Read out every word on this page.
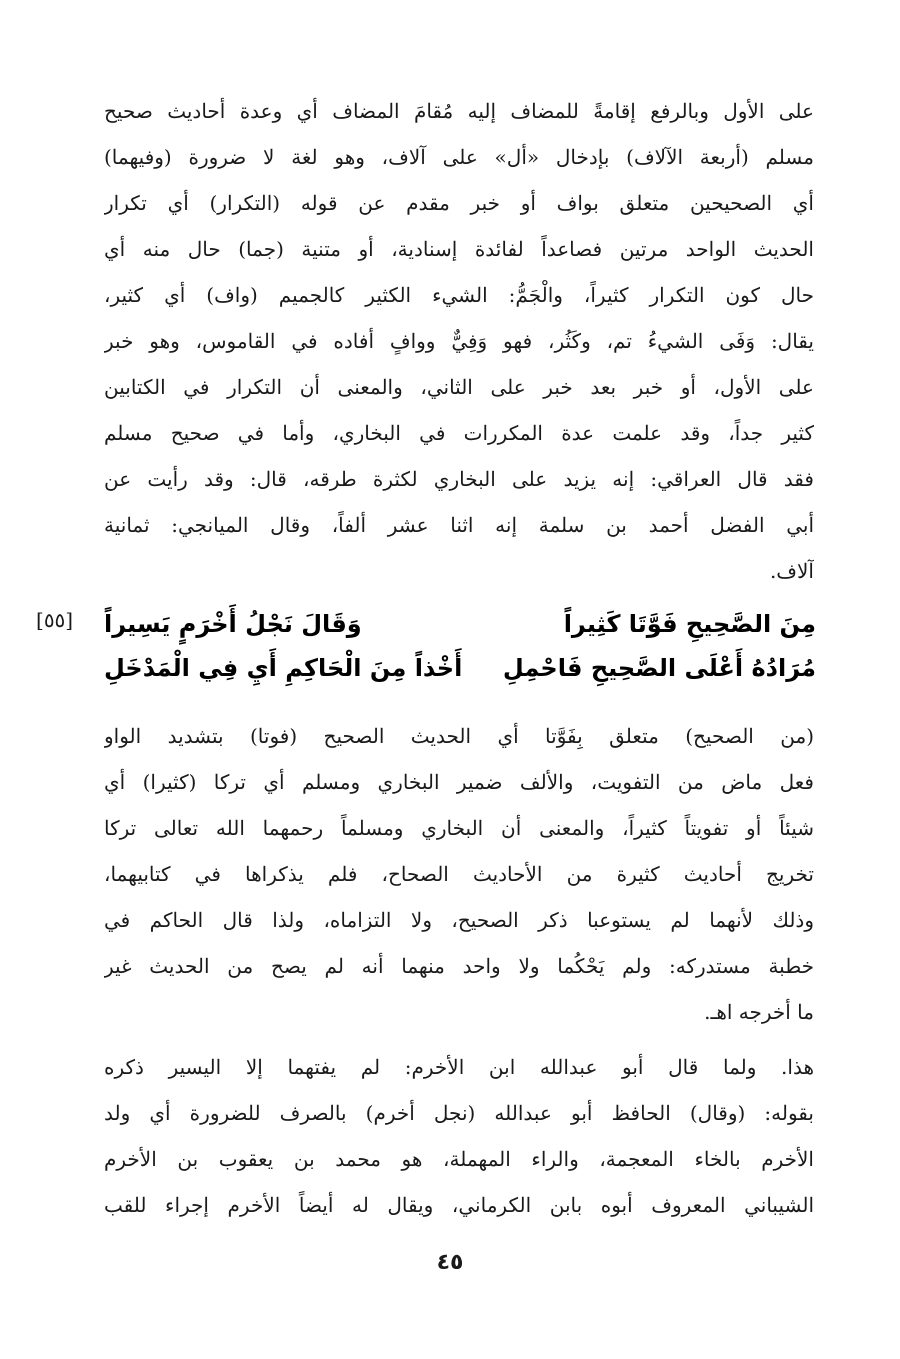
على الأول وبالرفع إقامةً للمضاف إليه مُقامَ المضاف أي وعدة أحاديث صحيح
مسلم (أربعة الآلاف) بإدخال «أل» على آلاف، وهو لغة لا ضرورة (وفيهما)
أي الصحيحين متعلق بواف أو خبر مقدم عن قوله (التكرار) أي تكرار
الحديث الواحد مرتين فصاعداً لفائدة إسنادية، أو متنية (جما) حال منه أي
حال كون التكرار كثيراً، والْجَمُّ: الشيء الكثير كالجميم (واف) أي كثير،
يقال: وَفَى الشيءُ تم، وكَثُر، فهو وَفِيٌّ ووافٍ أفاده في القاموس، وهو خبر
على الأول، أو خبر بعد خبر على الثاني، والمعنى أن التكرار في الكتابين
كثير جداً، وقد علمت عدة المكررات في البخاري، وأما في صحيح مسلم
فقد قال العراقي: إنه يزيد على البخاري لكثرة طرقه، قال: وقد رأيت عن
أبي الفضل أحمد بن سلمة إنه اثنا عشر ألفاً، وقال الميانجي: ثمانية
آلاف.
[٥٥]	مِنَ الصَّحِيحِ فَوَّتَا كَثِيراً
وَقَالَ نَجْلُ أَخْرَمٍ يَسِيراً
مُرَادُهُ أَعْلَى الصَّحِيحِ فَاحْمِلِ
أَخْذاً مِنَ الْحَاكِمِ أَيِ فِي الْمَدْخَلِ
(من الصحيح) متعلق بِفَوَّتا أي الحديث الصحيح (فوتا) بتشديد الواو
فعل ماض من التفويت، والألف ضمير البخاري ومسلم أي تركا (كثيرا) أي
شيئاً أو تفويتاً كثيراً، والمعنى أن البخاري ومسلماً رحمهما الله تعالى تركا
تخريج أحاديث كثيرة من الأحاديث الصحاح، فلم يذكراها في كتابيهما،
وذلك لأنهما لم يستوعبا ذكر الصحيح، ولا التزاماه، ولذا قال الحاكم في
خطبة مستدركه: ولم يَحْكُما ولا واحد منهما أنه لم يصح من الحديث غير
ما أخرجه اهـ.
هذا. ولما قال أبو عبدالله ابن الأخرم: لم يفتهما إلا اليسير ذكره
بقوله: (وقال) الحافظ أبو عبدالله (نجل أخرم) بالصرف للضرورة أي ولد
الأخرم بالخاء المعجمة، والراء المهملة، هو محمد بن يعقوب بن الأخرم
الشيباني المعروف أبوه بابن الكرماني، ويقال له أيضاً الأخرم إجراء للقب
٤٥
